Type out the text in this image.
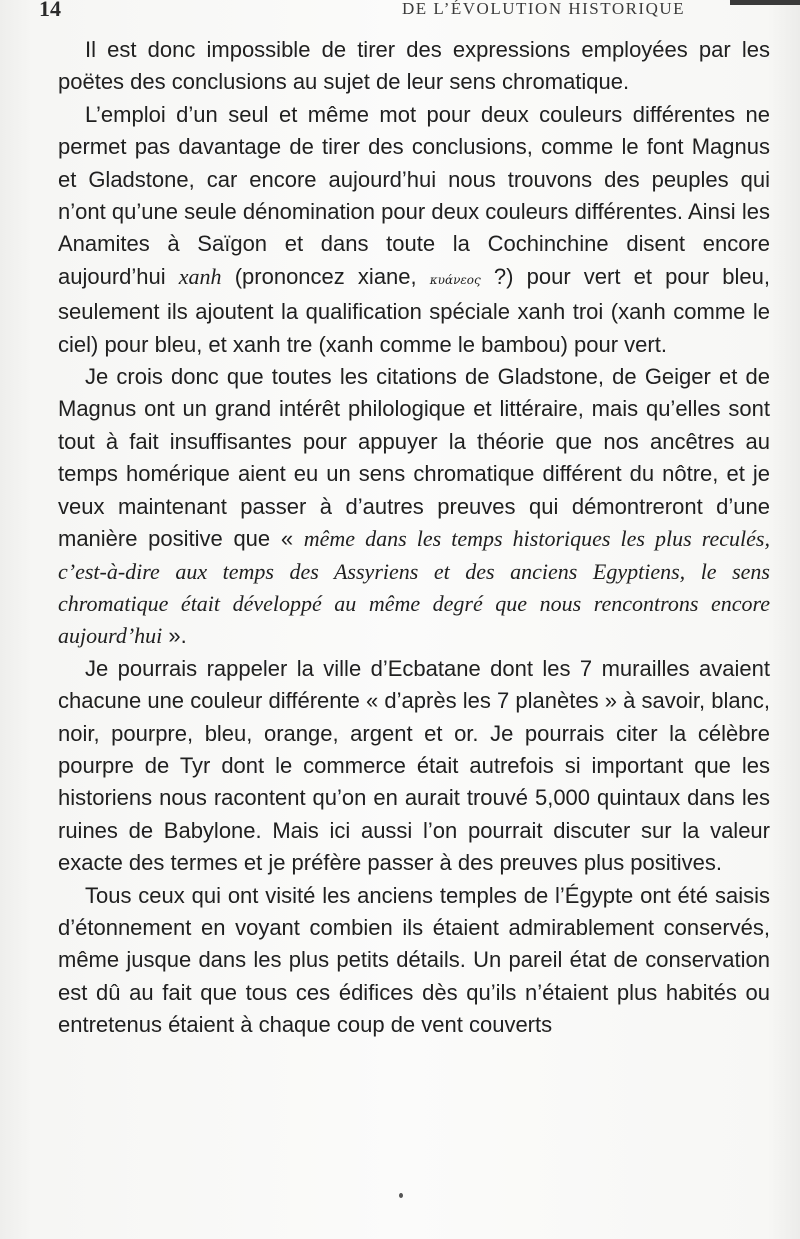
14	DE L’ÉVOLUTION HISTORIQUE

Il est donc impossible de tirer des expressions employées par les poëtes des conclusions au sujet de leur sens chromatique.

L’emploi d’un seul et même mot pour deux couleurs différentes ne permet pas davantage de tirer des conclusions, comme le font Magnus et Gladstone, car encore aujourd’hui nous trouvons des peuples qui n’ont qu’une seule dénomination pour deux couleurs différentes. Ainsi les Anamites à Saïgon et dans toute la Cochinchine disent encore aujourd’hui xanh (prononcez xiane, κυάνεος ?) pour vert et pour bleu, seulement ils ajoutent la qualification spéciale xanh troi (xanh comme le ciel) pour bleu, et xanh tre (xanh comme le bambou) pour vert.

Je crois donc que toutes les citations de Gladstone, de Geiger et de Magnus ont un grand intérêt philologique et littéraire, mais qu’elles sont tout à fait insuffisantes pour appuyer la théorie que nos ancêtres au temps homérique aient eu un sens chromatique différent du nôtre, et je veux maintenant passer à d’autres preuves qui démontreront d’une manière positive que « même dans les temps historiques les plus reculés, c’est-à-dire aux temps des Assyriens et des anciens Egyptiens, le sens chromatique était développé au même degré que nous rencontrons encore aujourd’hui ».

Je pourrais rappeler la ville d’Ecbatane dont les 7 murailles avaient chacune une couleur différente « d’après les 7 planètes » à savoir, blanc, noir, pourpre, bleu, orange, argent et or. Je pourrais citer la célèbre pourpre de Tyr dont le commerce était autrefois si important que les historiens nous racontent qu’on en aurait trouvé 5,000 quintaux dans les ruines de Babylone. Mais ici aussi l’on pourrait discuter sur la valeur exacte des termes et je préfère passer à des preuves plus positives.

Tous ceux qui ont visité les anciens temples de l’Égypte ont été saisis d’étonnement en voyant combien ils étaient admirablement conservés, même jusque dans les plus petits détails. Un pareil état de conservation est dû au fait que tous ces édifices dès qu’ils n’étaient plus habités ou entretenus étaient à chaque coup de vent couverts
